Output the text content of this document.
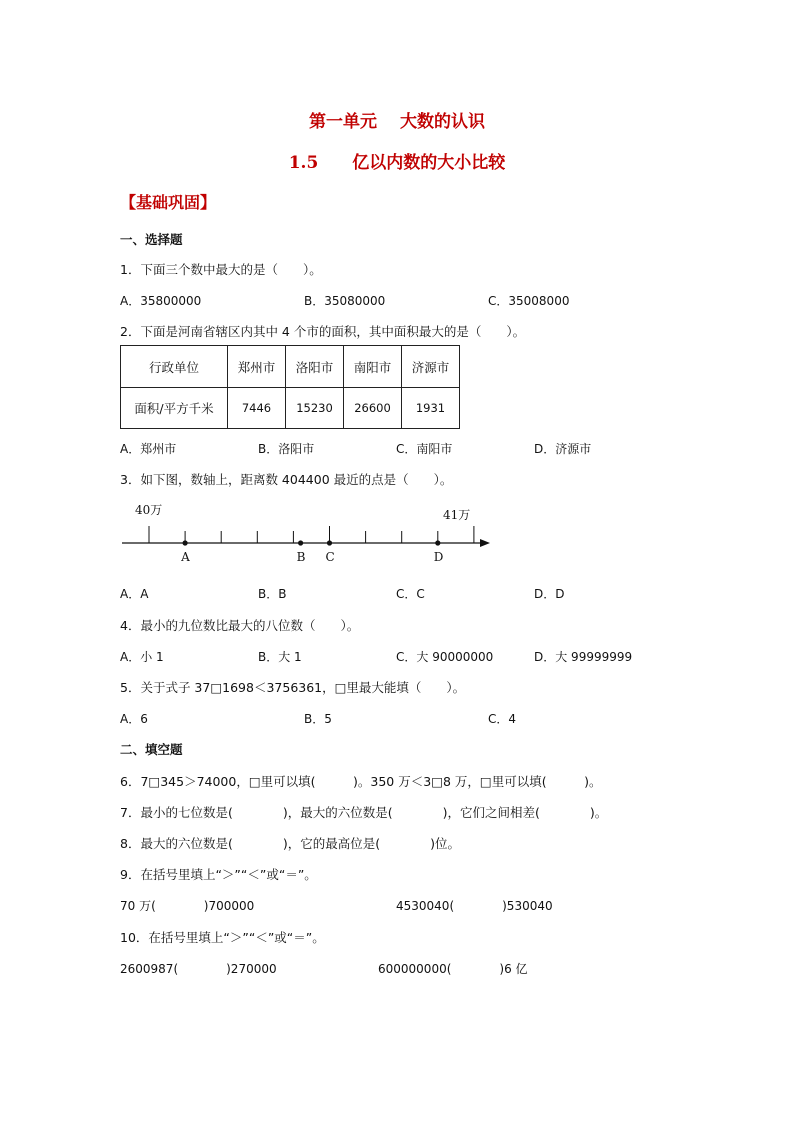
第一单元　 大数的认识
1.5　　亿以内数的大小比较
【基础巩固】
一、选择题
1．下面三个数中最大的是（　　）。
A．35800000	B．35080000	C．35008000
2．下面是河南省辖区内其中 4 个市的面积，其中面积最大的是（　　）。
行政单位	郑州市	洛阳市	南阳市	济源市
面积/平方千米	7446	15230	26600	1931
A．郑州市	B．洛阳市	C．南阳市	D．济源市
3．如下图，数轴上，距离数 404400 最近的点是（　　）。
A	B C	D
40万	41万
A．A	B．B	C．C	D．D
4．最小的九位数比最大的八位数（　　）。
A．小 1	B．大 1	C．大 90000000	D．大 99999999
5．关于式子 37□1698＜3756361，□里最大能填（　　）。
A．6	B．5	C．4
二、填空题
6．7□345＞74000，□里可以填(　　　)。350 万＜3□8 万，□里可以填(　　　)。
7．最小的七位数是(　　　　)，最大的六位数是(　　　　)，它们之间相差(　　　　)。
8．最大的六位数是(　　　　)，它的最高位是(　　　　)位。
9．在括号里填上“＞”“＜”或“＝”。
70 万(　　　　)700000	4530040(　　　　)530040
10．在括号里填上“＞”“＜”或“＝”。
2600987(　　　　)270000	600000000(　　　　)6 亿
